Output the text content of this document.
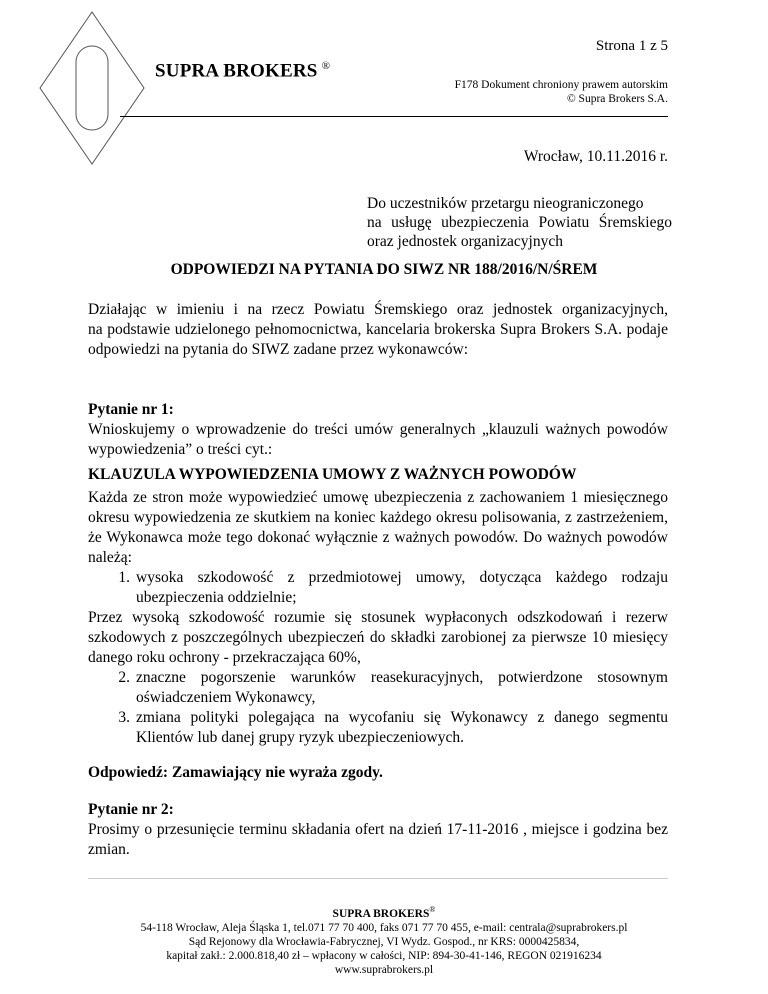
Strona 1 z 5
SUPRA BROKERS ®
F178 Dokument chroniony prawem autorskim
© Supra Brokers S.A.
Wrocław, 10.11.2016 r.
Do uczestników przetargu nieograniczonego
na usługę ubezpieczenia Powiatu Śremskiego
oraz jednostek organizacyjnych
ODPOWIEDZI NA PYTANIA DO SIWZ NR 188/2016/N/ŚREM
Działając w imieniu i na rzecz Powiatu Śremskiego oraz jednostek organizacyjnych,
na podstawie udzielonego pełnomocnictwa, kancelaria brokerska Supra Brokers S.A. podaje
odpowiedzi na pytania do SIWZ zadane przez wykonawców:
Pytanie nr 1:
Wnioskujemy o wprowadzenie do treści umów generalnych „klauzuli ważnych powodów
wypowiedzenia” o treści cyt.:
KLAUZULA WYPOWIEDZENIA UMOWY Z WAŻNYCH POWODÓW
Każda ze stron może wypowiedzieć umowę ubezpieczenia z zachowaniem 1 miesięcznego
okresu wypowiedzenia ze skutkiem na koniec każdego okresu polisowania, z zastrzeżeniem,
że Wykonawca może tego dokonać wyłącznie z ważnych powodów. Do ważnych powodów
należą:
1. wysoka szkodowość z przedmiotowej umowy, dotycząca każdego rodzaju
ubezpieczenia oddzielnie;
Przez wysoką szkodowość rozumie się stosunek wypłaconych odszkodowań i rezerw
szkodowych z poszczególnych ubezpieczeń do składki zarobionej za pierwsze 10 miesięcy
danego roku ochrony - przekraczająca 60%,
2. znaczne pogorszenie warunków reasekuracyjnych, potwierdzone stosownym
oświadczeniem Wykonawcy,
3. zmiana polityki polegająca na wycofaniu się Wykonawcy z danego segmentu
Klientów lub danej grupy ryzyk ubezpieczeniowych.
Odpowiedź: Zamawiający nie wyraża zgody.
Pytanie nr 2:
Prosimy o przesunięcie terminu składania ofert na dzień 17-11-2016 , miejsce i godzina bez
zmian.
SUPRA BROKERS®
54-118 Wrocław, Aleja Śląska 1, tel.071 77 70 400, faks 071 77 70 455, e-mail: centrala@suprabrokers.pl
Sąd Rejonowy dla Wrocławia-Fabrycznej, VI Wydz. Gospod., nr KRS: 0000425834,
kapitał zakł.: 2.000.818,40 zł – wpłacony w całości, NIP: 894-30-41-146, REGON 021916234
www.suprabrokers.pl
